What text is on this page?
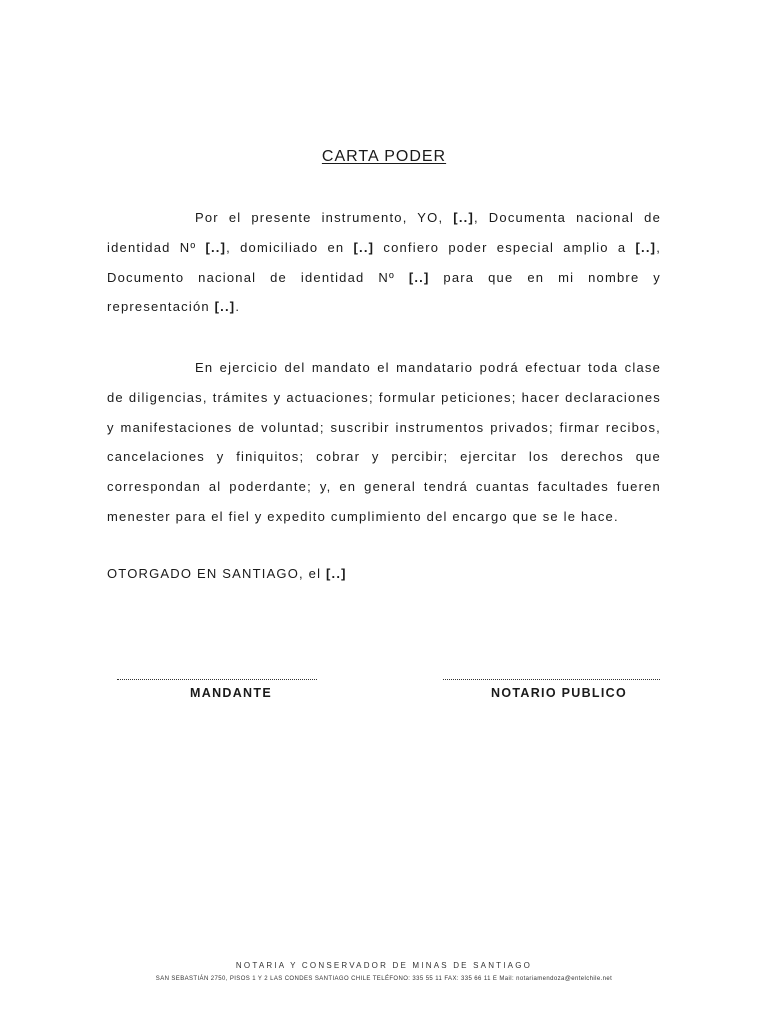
CARTA PODER
Por el presente instrumento, YO, [..], Documenta nacional de identidad Nº [..], domiciliado en [..] confiero poder especial amplio a [..], Documento nacional de identidad Nº [..] para que en mi nombre y representación [..].
En ejercicio del mandato el mandatario podrá efectuar toda clase de diligencias, trámites y actuaciones; formular peticiones; hacer declaraciones y manifestaciones de voluntad; suscribir instrumentos privados; firmar recibos, cancelaciones y finiquitos; cobrar y percibir; ejercitar los derechos que correspondan al poderdante; y, en general tendrá cuantas facultades fueren menester para el fiel y expedito cumplimiento del encargo que se le hace.
OTORGADO EN SANTIAGO, el [..]
MANDANTE	NOTARIO PUBLICO
NOTARIA Y CONSERVADOR DE MINAS DE SANTIAGO
SAN SEBASTIÁN 2750, PISOS 1 Y 2 LAS CONDES SANTIAGO CHILE TELÉFONO: 335 55 11 FAX: 335 66 11 E Mail: notariamendoza@entelchile.net
